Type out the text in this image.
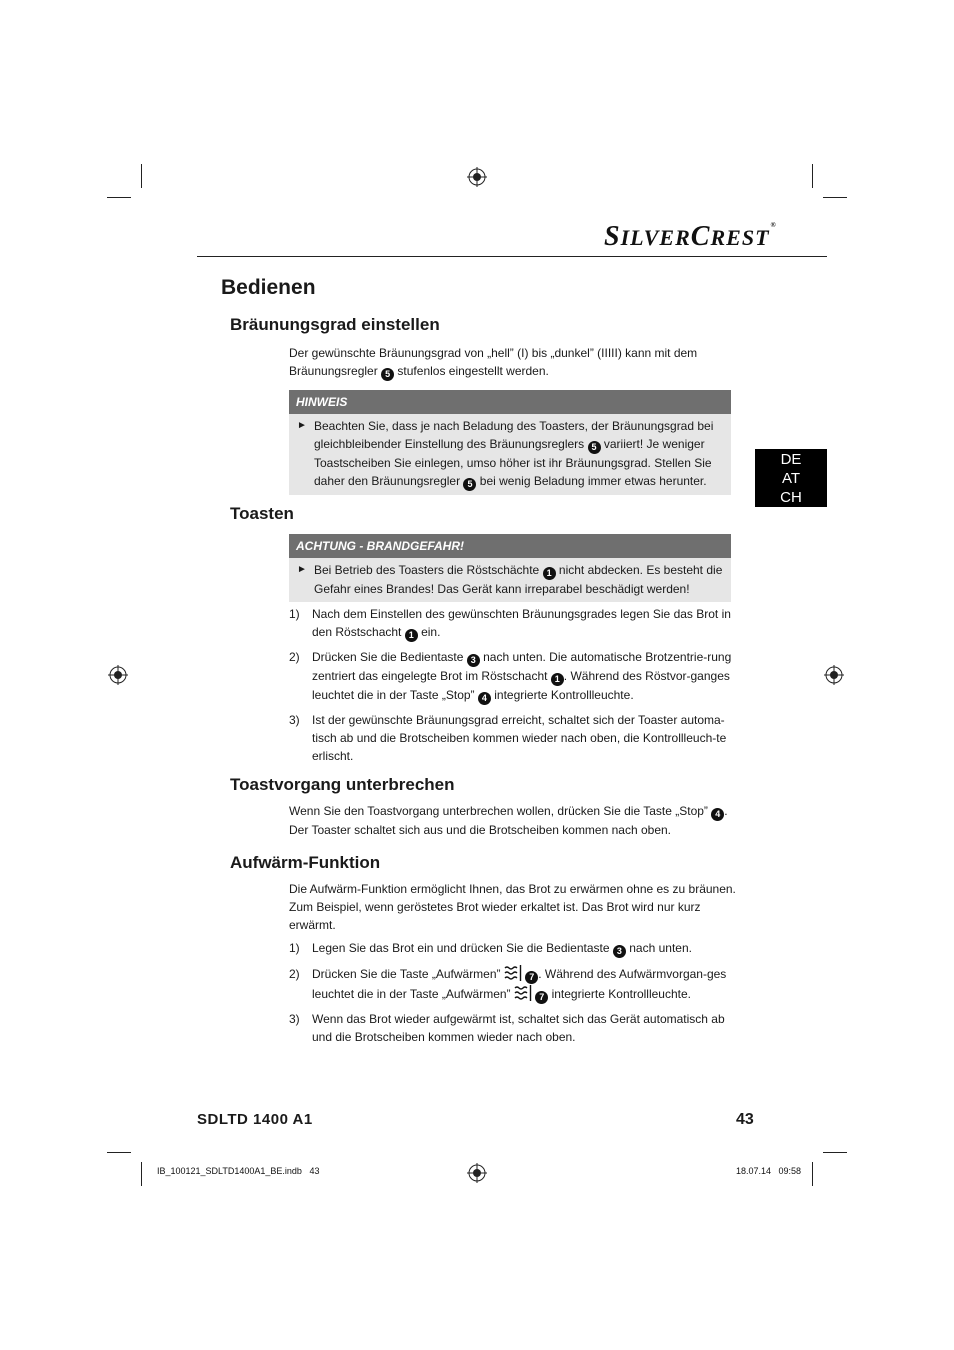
SILVERCREST®
Bedienen
Bräunungsgrad einstellen
Der gewünschte Bräunungsgrad von „hell” (I) bis „dunkel” (IIIII) kann mit dem
Bräunungsregler 5 stufenlos eingestellt werden.
HINWEIS
► Beachten Sie, dass je nach Beladung des Toasters, der Bräunungsgrad bei gleichbleibender Einstellung des Bräunungsreglers 5 variiert! Je weniger Toastscheiben Sie einlegen, umso höher ist ihr Bräunungsgrad. Stellen Sie daher den Bräunungsregler 5 bei wenig Beladung immer etwas herunter.
DE
AT
CH
Toasten
ACHTUNG - BRANDGEFAHR!
► Bei Betrieb des Toasters die Röstschächte 1 nicht abdecken. Es besteht die Gefahr eines Brandes! Das Gerät kann irreparabel beschädigt werden!
1) Nach dem Einstellen des gewünschten Bräunungsgrades legen Sie das Brot in den Röstschacht 1 ein.
2) Drücken Sie die Bedientaste 3 nach unten. Die automatische Brotzentrie-rung zentriert das eingelegte Brot im Röstschacht 1 . Während des Röstvor-ganges leuchtet die in der Taste „Stop” 4 integrierte Kontrollleuchte.
3) Ist der gewünschte Bräunungsgrad erreicht, schaltet sich der Toaster automa-tisch ab und die Brotscheiben kommen wieder nach oben, die Kontrollleuch-te erlischt.
Toastvorgang unterbrechen
Wenn Sie den Toastvorgang unterbrechen wollen, drücken Sie die Taste „Stop” 4 . Der Toaster schaltet sich aus und die Brotscheiben kommen nach oben.
Aufwärm-Funktion
Die Aufwärm-Funktion ermöglicht Ihnen, das Brot zu erwärmen ohne es zu bräunen. Zum Beispiel, wenn geröstetes Brot wieder erkaltet ist. Das Brot wird nur kurz erwärmt.
1) Legen Sie das Brot ein und drücken Sie die Bedientaste 3 nach unten.
2) Drücken Sie die Taste „Aufwärmen”	7 . Während des Aufwärmvorgan-ges leuchtet die in der Taste „Aufwärmen”	7 integrierte Kontrollleuchte.
3) Wenn das Brot wieder aufgewärmt ist, schaltet sich das Gerät automatisch ab und die Brotscheiben kommen wieder nach oben.
SDLTD 1400 A1	43
IB_100121_SDLTD1400A1_BE.indb   43	18.07.14   09:58
